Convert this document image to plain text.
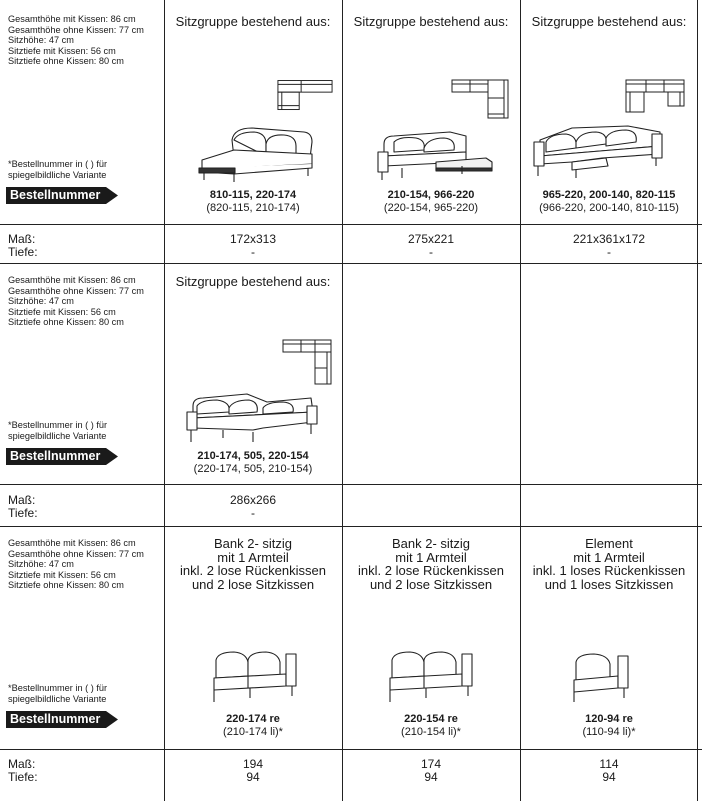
Gesamthöhe mit Kissen: 86 cm
Gesamthöhe ohne Kissen: 77 cm
Sitzhöhe: 47 cm
Sitztiefe mit Kissen: 56 cm
Sitztiefe ohne Kissen: 80 cm
*Bestellnummer in ( ) für
spiegelbildliche Variante
Bestellnummer
Sitzgruppe bestehend aus:
810-115, 220-174
(820-115, 210-174)
Sitzgruppe bestehend aus:
210-154, 966-220
(220-154, 965-220)
Sitzgruppe bestehend aus:
965-220, 200-140, 820-115
(966-220, 200-140, 810-115)
Maß:
Tiefe:
172x313
-
275x221
-
221x361x172
-
Gesamthöhe mit Kissen: 86 cm
Gesamthöhe ohne Kissen: 77 cm
Sitzhöhe: 47 cm
Sitztiefe mit Kissen: 56 cm
Sitztiefe ohne Kissen: 80 cm
*Bestellnummer in ( ) für
spiegelbildliche Variante
Bestellnummer
Sitzgruppe bestehend aus:
210-174, 505, 220-154
(220-174, 505, 210-154)
Maß:
Tiefe:
286x266
-
Gesamthöhe mit Kissen: 86 cm
Gesamthöhe ohne Kissen: 77 cm
Sitzhöhe: 47 cm
Sitztiefe mit Kissen: 56 cm
Sitztiefe ohne Kissen: 80 cm
*Bestellnummer in ( ) für
spiegelbildliche Variante
Bestellnummer
Bank 2- sitzig
mit 1 Armteil
inkl. 2 lose Rückenkissen
und 2 lose Sitzkissen
220-174 re
(210-174 li)*
Bank 2- sitzig
mit 1 Armteil
inkl. 2 lose Rückenkissen
und 2 lose Sitzkissen
220-154 re
(210-154 li)*
Element
mit 1 Armteil
inkl. 1 loses Rückenkissen
und 1 loses Sitzkissen
120-94 re
(110-94 li)*
Maß:
Tiefe:
194
94
174
94
114
94
